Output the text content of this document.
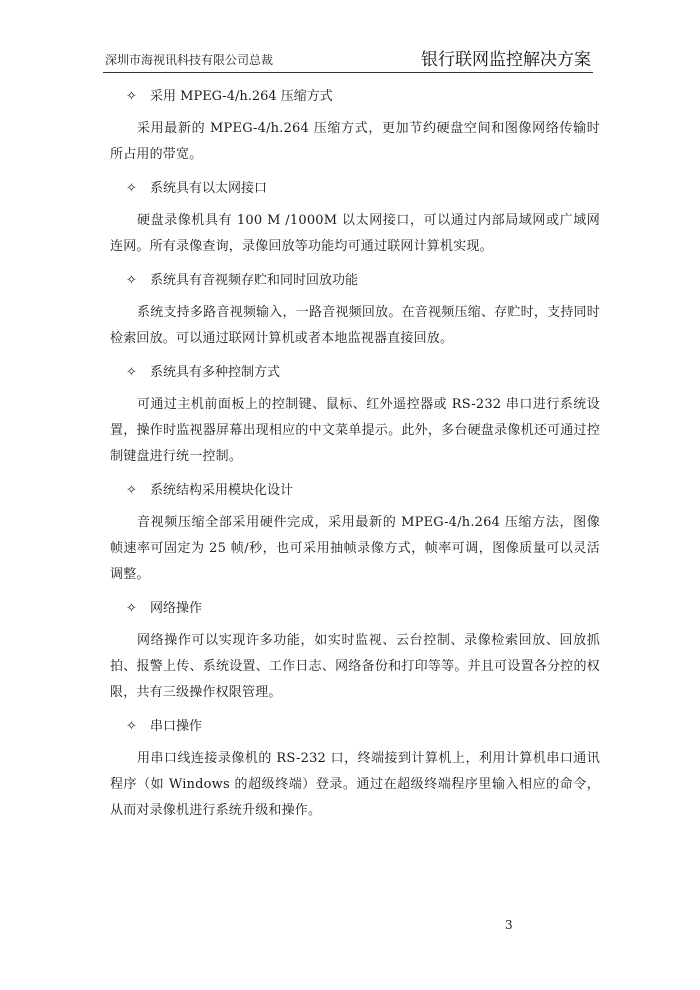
深圳市海视讯科技有限公司总裁	银行联网监控解决方案
✧ 采用 MPEG-4/h.264 压缩方式
采用最新的 MPEG-4/h.264 压缩方式，更加节约硬盘空间和图像网络传输时所占用的带宽。
✧ 系统具有以太网接口
硬盘录像机具有 100 M /1000M 以太网接口，可以通过内部局域网或广域网连网。所有录像查询，录像回放等功能均可通过联网计算机实现。
✧ 系统具有音视频存贮和同时回放功能
系统支持多路音视频输入，一路音视频回放。在音视频压缩、存贮时，支持同时检索回放。可以通过联网计算机或者本地监视器直接回放。
✧ 系统具有多种控制方式
可通过主机前面板上的控制键、鼠标、红外遥控器或 RS-232 串口进行系统设置，操作时监视器屏幕出现相应的中文菜单提示。此外，多台硬盘录像机还可通过控制键盘进行统一控制。
✧ 系统结构采用模块化设计
音视频压缩全部采用硬件完成，采用最新的 MPEG-4/h.264 压缩方法，图像帧速率可固定为 25 帧/秒，也可采用抽帧录像方式，帧率可调，图像质量可以灵活调整。
✧ 网络操作
网络操作可以实现许多功能，如实时监视、云台控制、录像检索回放、回放抓拍、报警上传、系统设置、工作日志、网络备份和打印等等。并且可设置各分控的权限，共有三级操作权限管理。
✧ 串口操作
用串口线连接录像机的 RS-232 口，终端接到计算机上，利用计算机串口通讯程序（如 Windows 的超级终端）登录。通过在超级终端程序里输入相应的命令，从而对录像机进行系统升级和操作。
3
